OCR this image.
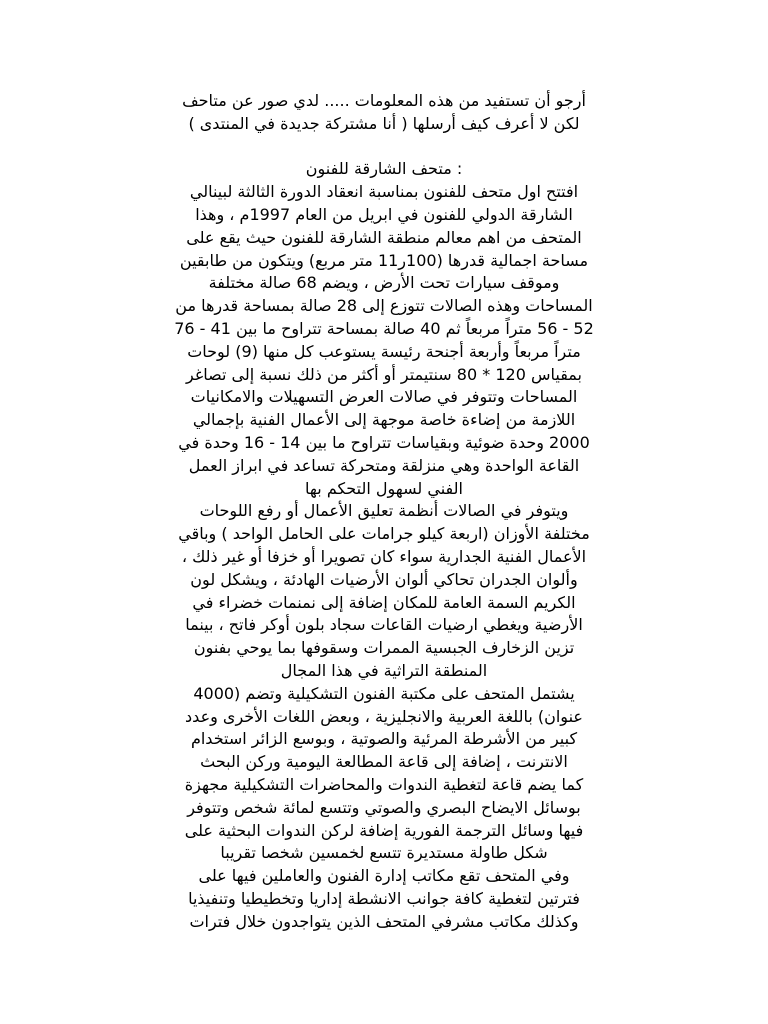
أرجو أن تستفيد من هذه المعلومات ..... لدي صور عن متاحف
لكن لا أعرف كيف أرسلها ( أنا مشتركة جديدة في المنتدى )
: متحف الشارقة للفنون
افتتح اول متحف للفنون بمناسبة انعقاد الدورة الثالثة لبينالي
الشارقة الدولي للفنون في ابريل من العام 1997م ، وهذا
المتحف من اهم معالم منطقة الشارقة للفنون حيث يقع على
مساحة اجمالية قدرها (100ر11 متر مربع) ويتكون من طابقين
وموقف سيارات تحت الأرض ، ويضم 68 صالة مختلفة
المساحات وهذه الصالات تتوزع إلى 28 صالة بمساحة قدرها من
52 - 56 متراً مربعاً ثم 40 صالة بمساحة تتراوح ما بين 41 - 76
متراً مربعاً وأربعة أجنحة رئيسة يستوعب كل منها (9) لوحات
بمقياس 120 * 80 سنتيمتر أو أكثر من ذلك نسبة إلى تصاغر
المساحات وتتوفر في صالات العرض التسهيلات والامكانيات
اللازمة من إضاءة خاصة موجهة إلى الأعمال الفنية بإجمالي
2000 وحدة ضوئية وبقياسات تتراوح ما بين 14 - 16 وحدة في
القاعة الواحدة وهي منزلقة ومتحركة تساعد في ابراز العمل
الفني لسهول التحكم بها
ويتوفر في الصالات أنظمة تعليق الأعمال أو رفع اللوحات
مختلفة الأوزان (اربعة كيلو جرامات على الحامل الواحد ) وباقي
الأعمال الفنية الجدارية سواء كان تصويرا أو خزفا أو غير ذلك ،
وألوان الجدران تحاكي ألوان الأرضيات الهادئة ، ويشكل لون
الكريم السمة العامة للمكان إضافة إلى نمنمات خضراء في
الأرضية ويغطي ارضيات القاعات سجاد بلون أوكر فاتح ، بينما
تزين الزخارف الجبسية الممرات وسقوفها بما يوحي بفنون
المنطقة التراثية في هذا المجال
يشتمل المتحف على مكتبة الفنون التشكيلية وتضم (4000
عنوان) باللغة العربية والانجليزية ، وبعض اللغات الأخرى وعدد
كبير من الأشرطة المرئية والصوتية ، وبوسع الزائر استخدام
الانترنت ، إضافة إلى قاعة المطالعة اليومية وركن البحث
كما يضم قاعة لتغطية الندوات والمحاضرات التشكيلية مجهزة
بوسائل الايضاح البصري والصوتي وتتسع لمائة شخص وتتوفر
فيها وسائل الترجمة الفورية إضافة لركن الندوات البحثية على
شكل طاولة مستديرة تتسع لخمسين شخصا تقريبا
وفي المتحف تقع مكاتب إدارة الفنون والعاملين فيها على
فترتين لتغطية كافة جوانب الانشطة إداريا وتخطيطيا وتنفيذيا
وكذلك مكاتب مشرفي المتحف الذين يتواجدون خلال فترات
